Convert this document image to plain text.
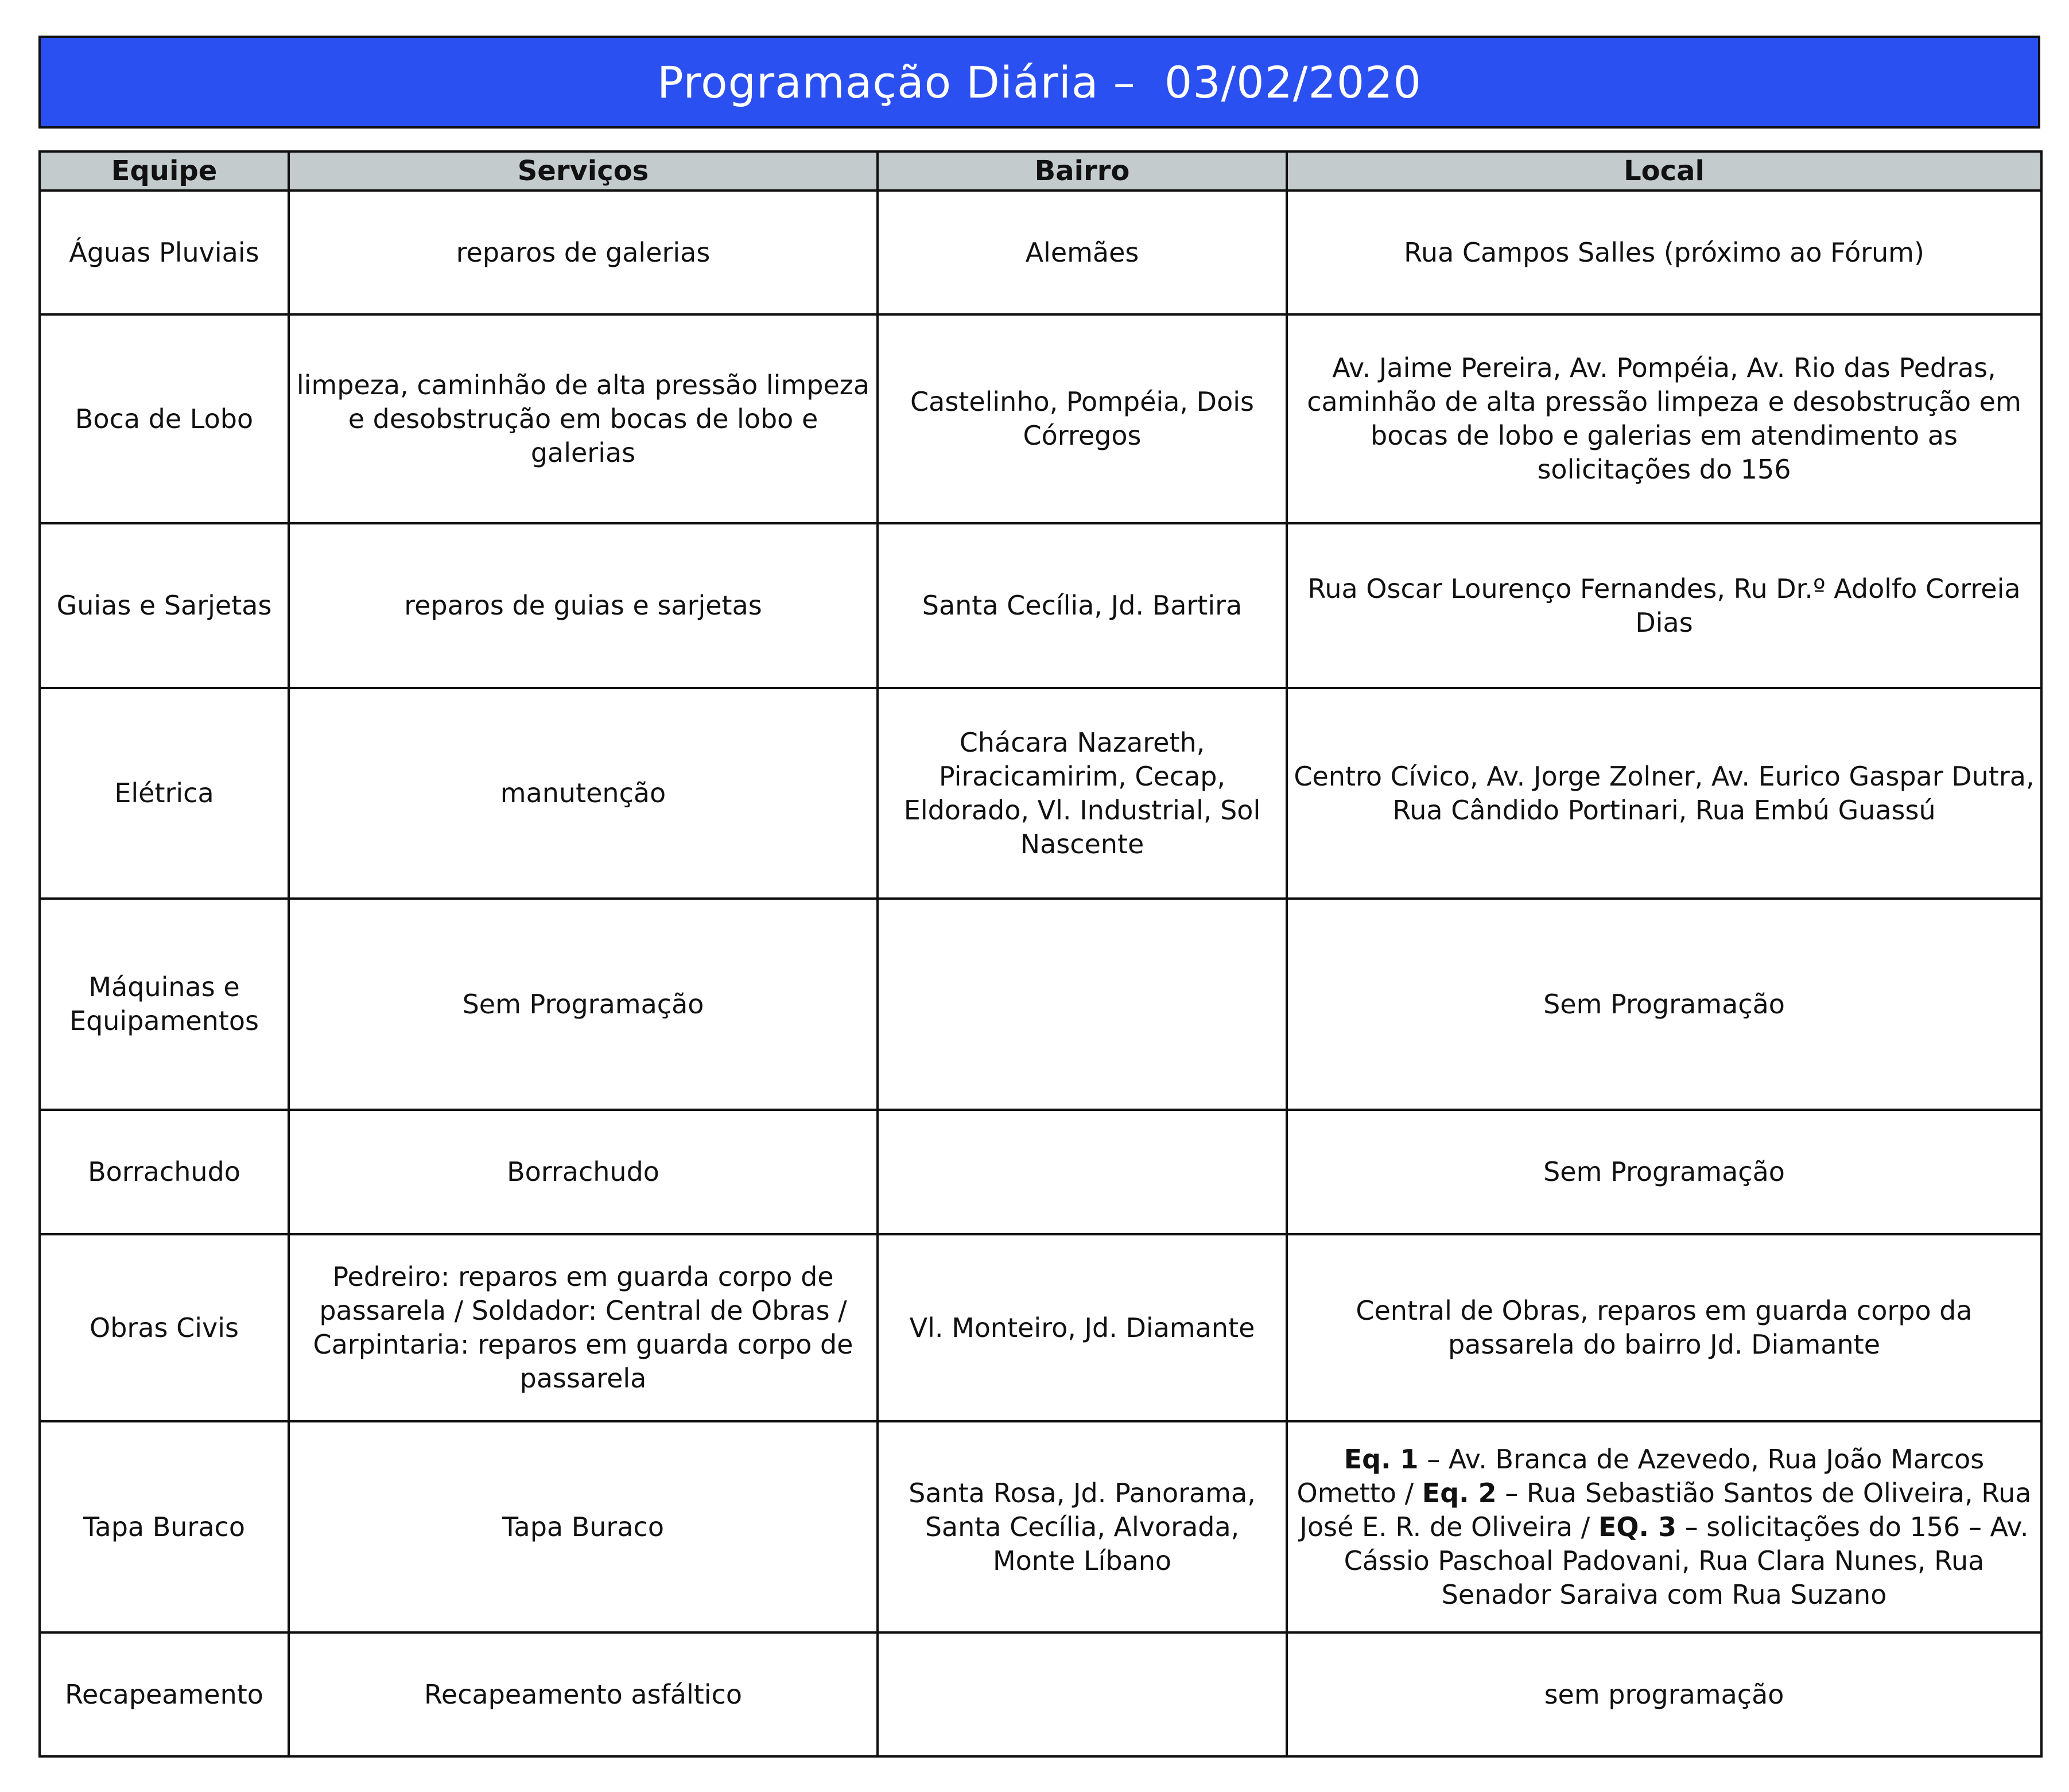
Programação Diária –  03/02/2020
Equipe	Serviços	Bairro	Local
Águas Pluviais	reparos de galerias	Alemães	Rua Campos Salles (próximo ao Fórum)
Boca de Lobo	limpeza, caminhão de alta pressão limpeza e desobstrução em bocas de lobo e galerias	Castelinho, Pompéia, Dois Córregos	Av. Jaime Pereira, Av. Pompéia, Av. Rio das Pedras, caminhão de alta pressão limpeza e desobstrução em bocas de lobo e galerias em atendimento as solicitações do 156
Guias e Sarjetas	reparos de guias e sarjetas	Santa Cecília, Jd. Bartira	Rua Oscar Lourenço Fernandes, Ru Dr.º Adolfo Correia Dias
Elétrica	manutenção	Chácara Nazareth, Piracicamirim, Cecap, Eldorado, Vl. Industrial, Sol Nascente	Centro Cívico, Av. Jorge Zolner, Av. Eurico Gaspar Dutra, Rua Cândido Portinari, Rua Embú Guassú
Máquinas e Equipamentos	Sem Programação		Sem Programação
Borrachudo	Borrachudo		Sem Programação
Obras Civis	Pedreiro: reparos em guarda corpo de passarela / Soldador: Central de Obras / Carpintaria: reparos em guarda corpo de passarela	Vl. Monteiro, Jd. Diamante	Central de Obras, reparos em guarda corpo da passarela do bairro Jd. Diamante
Tapa Buraco	Tapa Buraco	Santa Rosa, Jd. Panorama, Santa Cecília, Alvorada, Monte Líbano	Eq. 1 – Av. Branca de Azevedo, Rua João Marcos Ometto / Eq. 2 – Rua Sebastião Santos de Oliveira, Rua José E. R. de Oliveira / EQ. 3 – solicitações do 156 – Av. Cássio Paschoal Padovani, Rua Clara Nunes, Rua Senador Saraiva com Rua Suzano
Recapeamento	Recapeamento asfáltico		sem programação
